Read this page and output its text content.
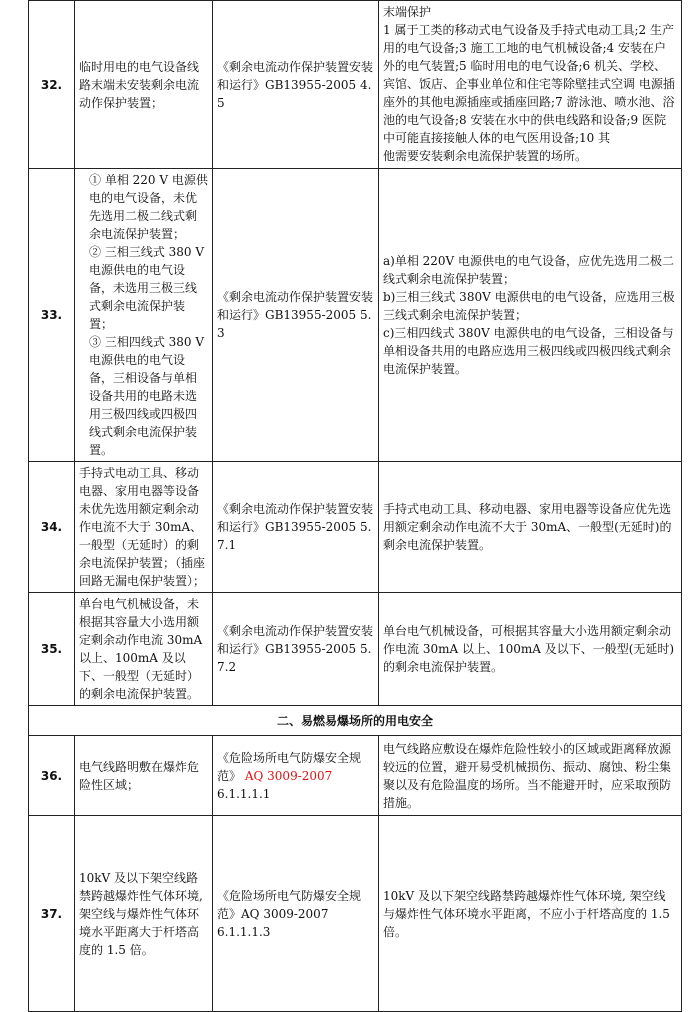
32.	临时用电的电气设备线路末端未安装剩余电流动作保护装置；	《剩余电流动作保护装置安装和运行》GB13955-2005 4.5	末端保护
1 属于工类的移动式电气设备及手持式电动工具;2 生产用的电气设备;3 施工工地的电气机械设备;4 安装在户外的电气装置;5 临时用电的电气设备;6 机关、学校、宾馆、饭店、企事业单位和住宅等除壁挂式空调 电源插座外的其他电源插座或插座回路;7 游泳池、喷水池、浴池的电气设备;8 安装在水中的供电线路和设备;9 医院中可能直接接触人体的电气医用设备;10 其
他需要安装剩余电流保护装置的场所。

33.	① 单相 220 V 电源供电的电气设备，未优先选用二极二线式剩余电流保护装置；
② 三相三线式 380 V 电源供电的电气设备，未选用三极三线式剩余电流保护装置；
③ 三相四线式 380 V 电源供电的电气设备，三相设备与单相设备共用的电路未选用三极四线或四极四线式剩余电流保护装置。	《剩余电流动作保护装置安装和运行》GB13955-2005 5.3	a)单相 220V 电源供电的电气设备，应优先选用二极二线式剩余电流保护装置；
b)三相三线式 380V 电源供电的电气设备，应选用三极三线式剩余电流保护装置；
c)三相四线式 380V 电源供电的电气设备，三相设备与单相设备共用的电路应选用三极四线或四极四线式剩余电流保护装置。

34.	手持式电动工具、移动电器、家用电器等设备未优先选用额定剩余动作电流不大于 30mA、一般型（无延时）的剩余电流保护装置；（插座回路无漏电保护装置）；	《剩余电流动作保护装置安装和运行》GB13955-2005 5.7.1	手持式电动工具、移动电器、家用电器等设备应优先选用额定剩余动作电流不大于 30mA、一般型(无延时)的剩余电流保护装置。
35.	单台电气机械设备，未根据其容量大小选用额定剩余动作电流 30mA 以上、100mA 及以下、一般型（无延时）的剩余电流保护装置。	《剩余电流动作保护装置安装和运行》GB13955-2005 5.7.2	单台电气机械设备，可根据其容量大小选用额定剩余动作电流 30mA 以上、100mA 及以下、一般型(无延时)的剩余电流保护装置。
二、易燃易爆场所的用电安全			
36.	电气线路明敷在爆炸危险性区域；	《危险场所电气防爆安全规范》 AQ 3009-2007
6.1.1.1.1	电气线路应敷设在爆炸危险性较小的区域或距离释放源较远的位置，避开易受机械损伤、振动、腐蚀、粉尘集聚以及有危险温度的场所。当不能避开时，应采取预防措施。
37.	10kV 及以下架空线路禁跨越爆炸性气体环境, 架空线与爆炸性气体环境水平距离大于杆塔高度的 1.5 倍。	《危险场所电气防爆安全规范》AQ 3009-2007
6.1.1.1.3	10kV 及以下架空线路禁跨越爆炸性气体环境, 架空线与爆炸性气体环境水平距离，不应小于杆塔高度的 1.5 倍。
